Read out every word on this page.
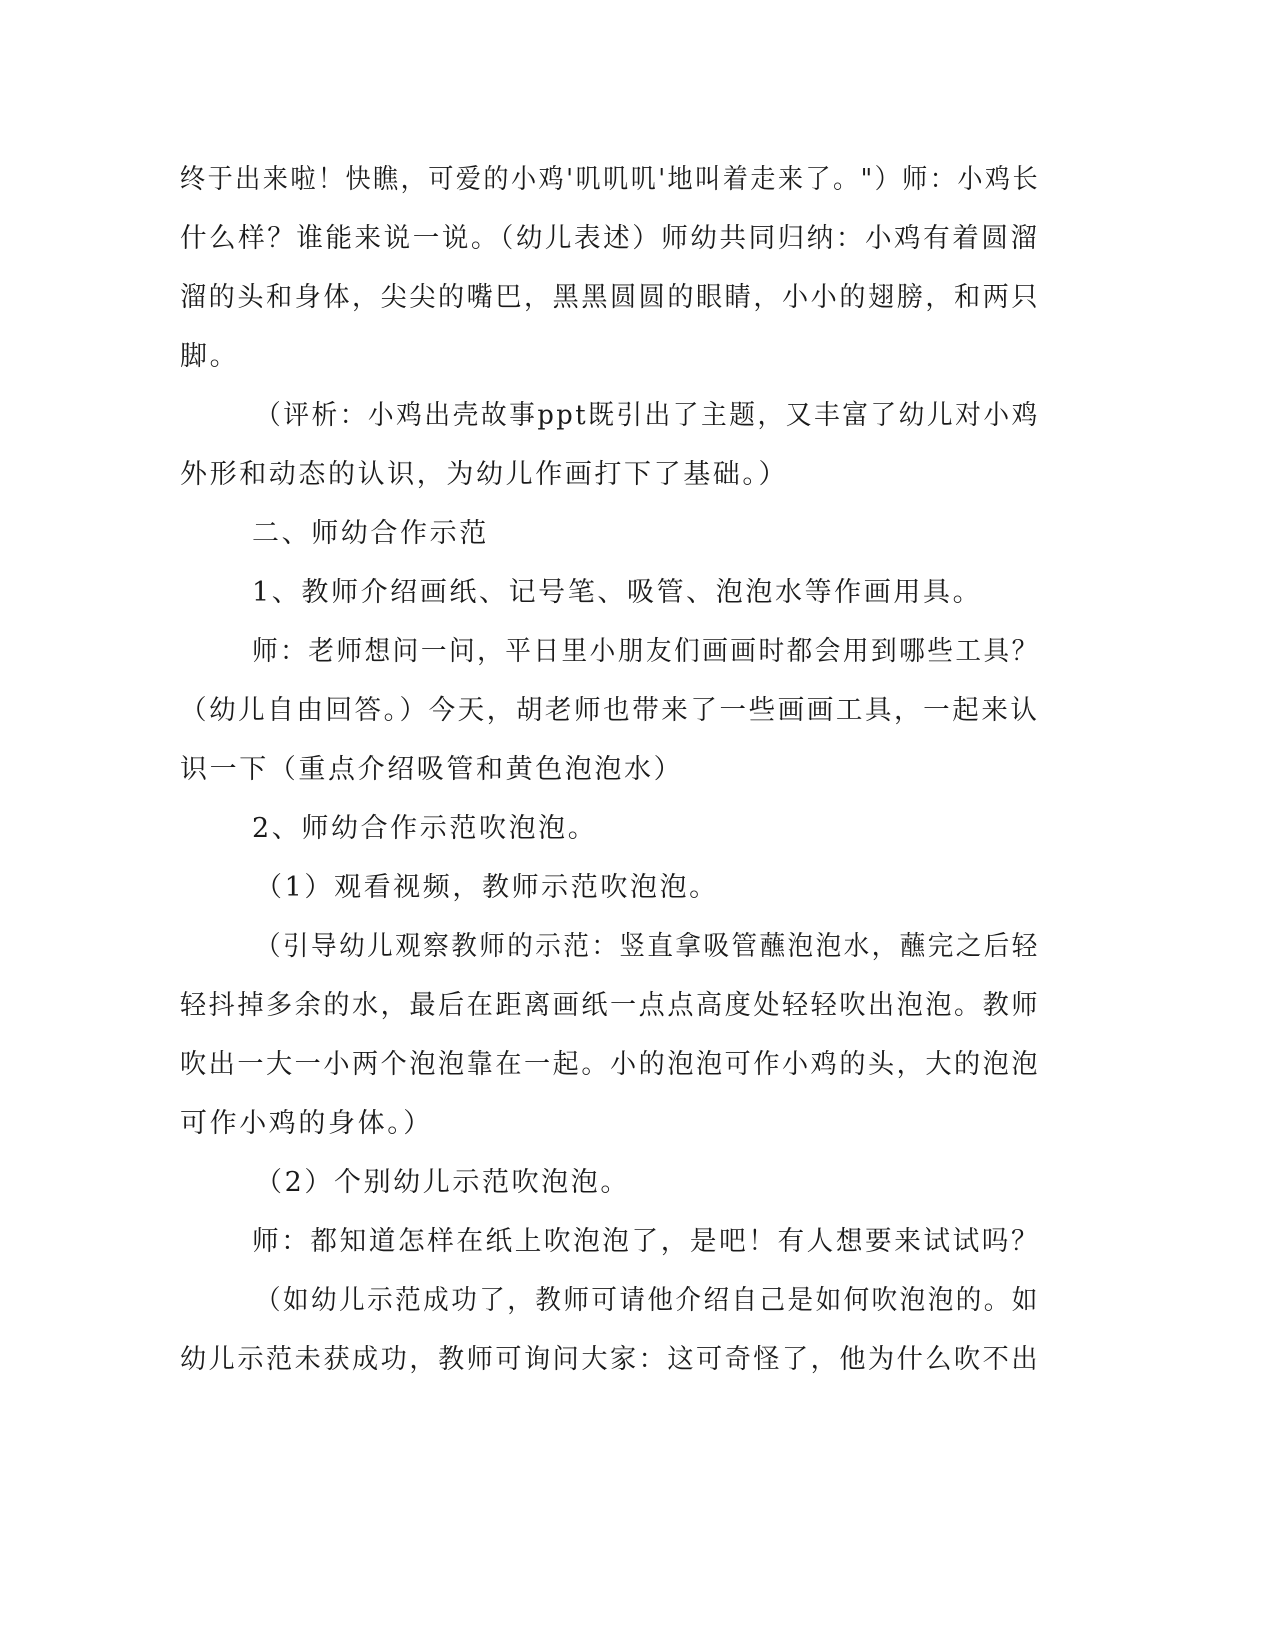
终于出来啦！快瞧，可爱的小鸡'叽叽叽'地叫着走来了。"）师：小鸡长
什么样？谁能来说一说。（幼儿表述）师幼共同归纳：小鸡有着圆溜
溜的头和身体，尖尖的嘴巴，黑黑圆圆的眼睛，小小的翅膀，和两只
脚。
（评析：小鸡出壳故事ppt既引出了主题，又丰富了幼儿对小鸡
外形和动态的认识，为幼儿作画打下了基础。）
二、师幼合作示范
1、教师介绍画纸、记号笔、吸管、泡泡水等作画用具。
师：老师想问一问，平日里小朋友们画画时都会用到哪些工具？
（幼儿自由回答。）今天，胡老师也带来了一些画画工具，一起来认
识一下（重点介绍吸管和黄色泡泡水）
2、师幼合作示范吹泡泡。
（1）观看视频，教师示范吹泡泡。
（引导幼儿观察教师的示范：竖直拿吸管蘸泡泡水，蘸完之后轻
轻抖掉多余的水，最后在距离画纸一点点高度处轻轻吹出泡泡。教师
吹出一大一小两个泡泡靠在一起。小的泡泡可作小鸡的头，大的泡泡
可作小鸡的身体。）
（2）个别幼儿示范吹泡泡。
师：都知道怎样在纸上吹泡泡了，是吧！有人想要来试试吗？
（如幼儿示范成功了，教师可请他介绍自己是如何吹泡泡的。如
幼儿示范未获成功，教师可询问大家：这可奇怪了，他为什么吹不出
